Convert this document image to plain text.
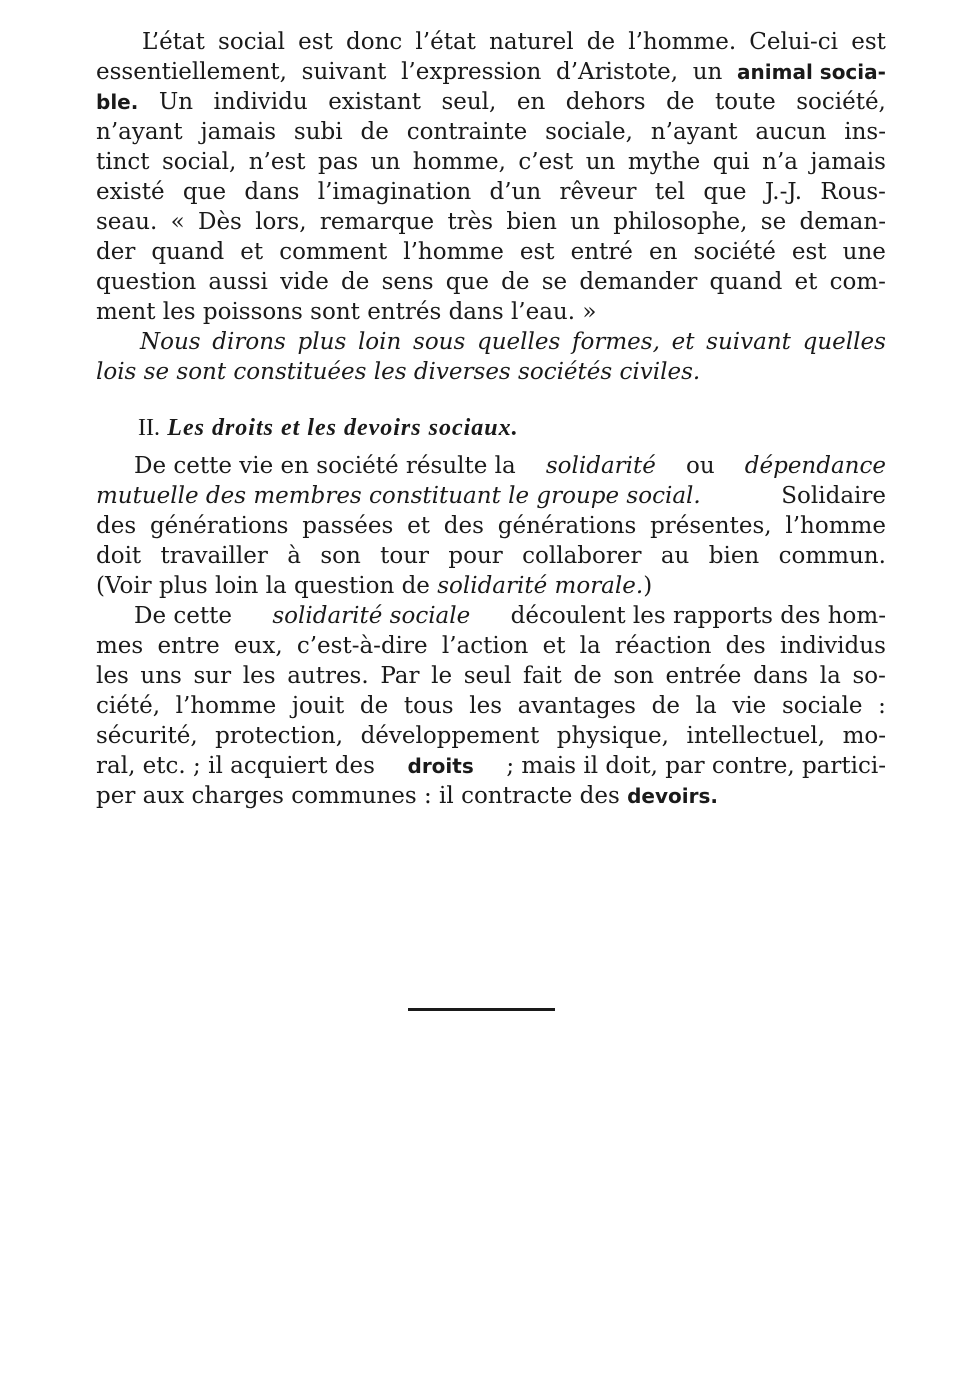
L’état social est donc l’état naturel de l’homme. Celui-ci est
essentiellement, suivant l’expression d’Aristote, un animal socia-
ble. Un individu existant seul, en dehors de toute société,
n’ayant jamais subi de contrainte sociale, n’ayant aucun ins-
tinct social, n’est pas un homme, c’est un mythe qui n’a jamais
existé que dans l’imagination d’un rêveur tel que J.-J. Rous-
seau. « Dès lors, remarque très bien un philosophe, se deman-
der quand et comment l’homme est entré en société est une
question aussi vide de sens que de se demander quand et com-
ment les poissons sont entrés dans l’eau. »
Nous dirons plus loin sous quelles formes, et suivant quelles
lois se sont constituées les diverses sociétés civiles.
II. Les droits et les devoirs sociaux.
De cette vie en société résulte la solidarité ou dépendance
mutuelle des membres constituant le groupe social.	Solidaire
des générations passées et des générations présentes, l’homme
doit travailler à son tour pour collaborer au bien commun.
(Voir plus loin la question de solidarité morale.)
De cette solidarité sociale découlent les rapports des hom-
mes entre eux, c’est-à-dire l’action et la réaction des individus
les uns sur les autres. Par le seul fait de son entrée dans la so-
ciété, l’homme jouit de tous les avantages de la vie sociale :
sécurité, protection, développement physique, intellectuel, mo-
ral, etc. ; il acquiert des droits ; mais il doit, par contre, partici-
per aux charges communes : il contracte des devoirs.
